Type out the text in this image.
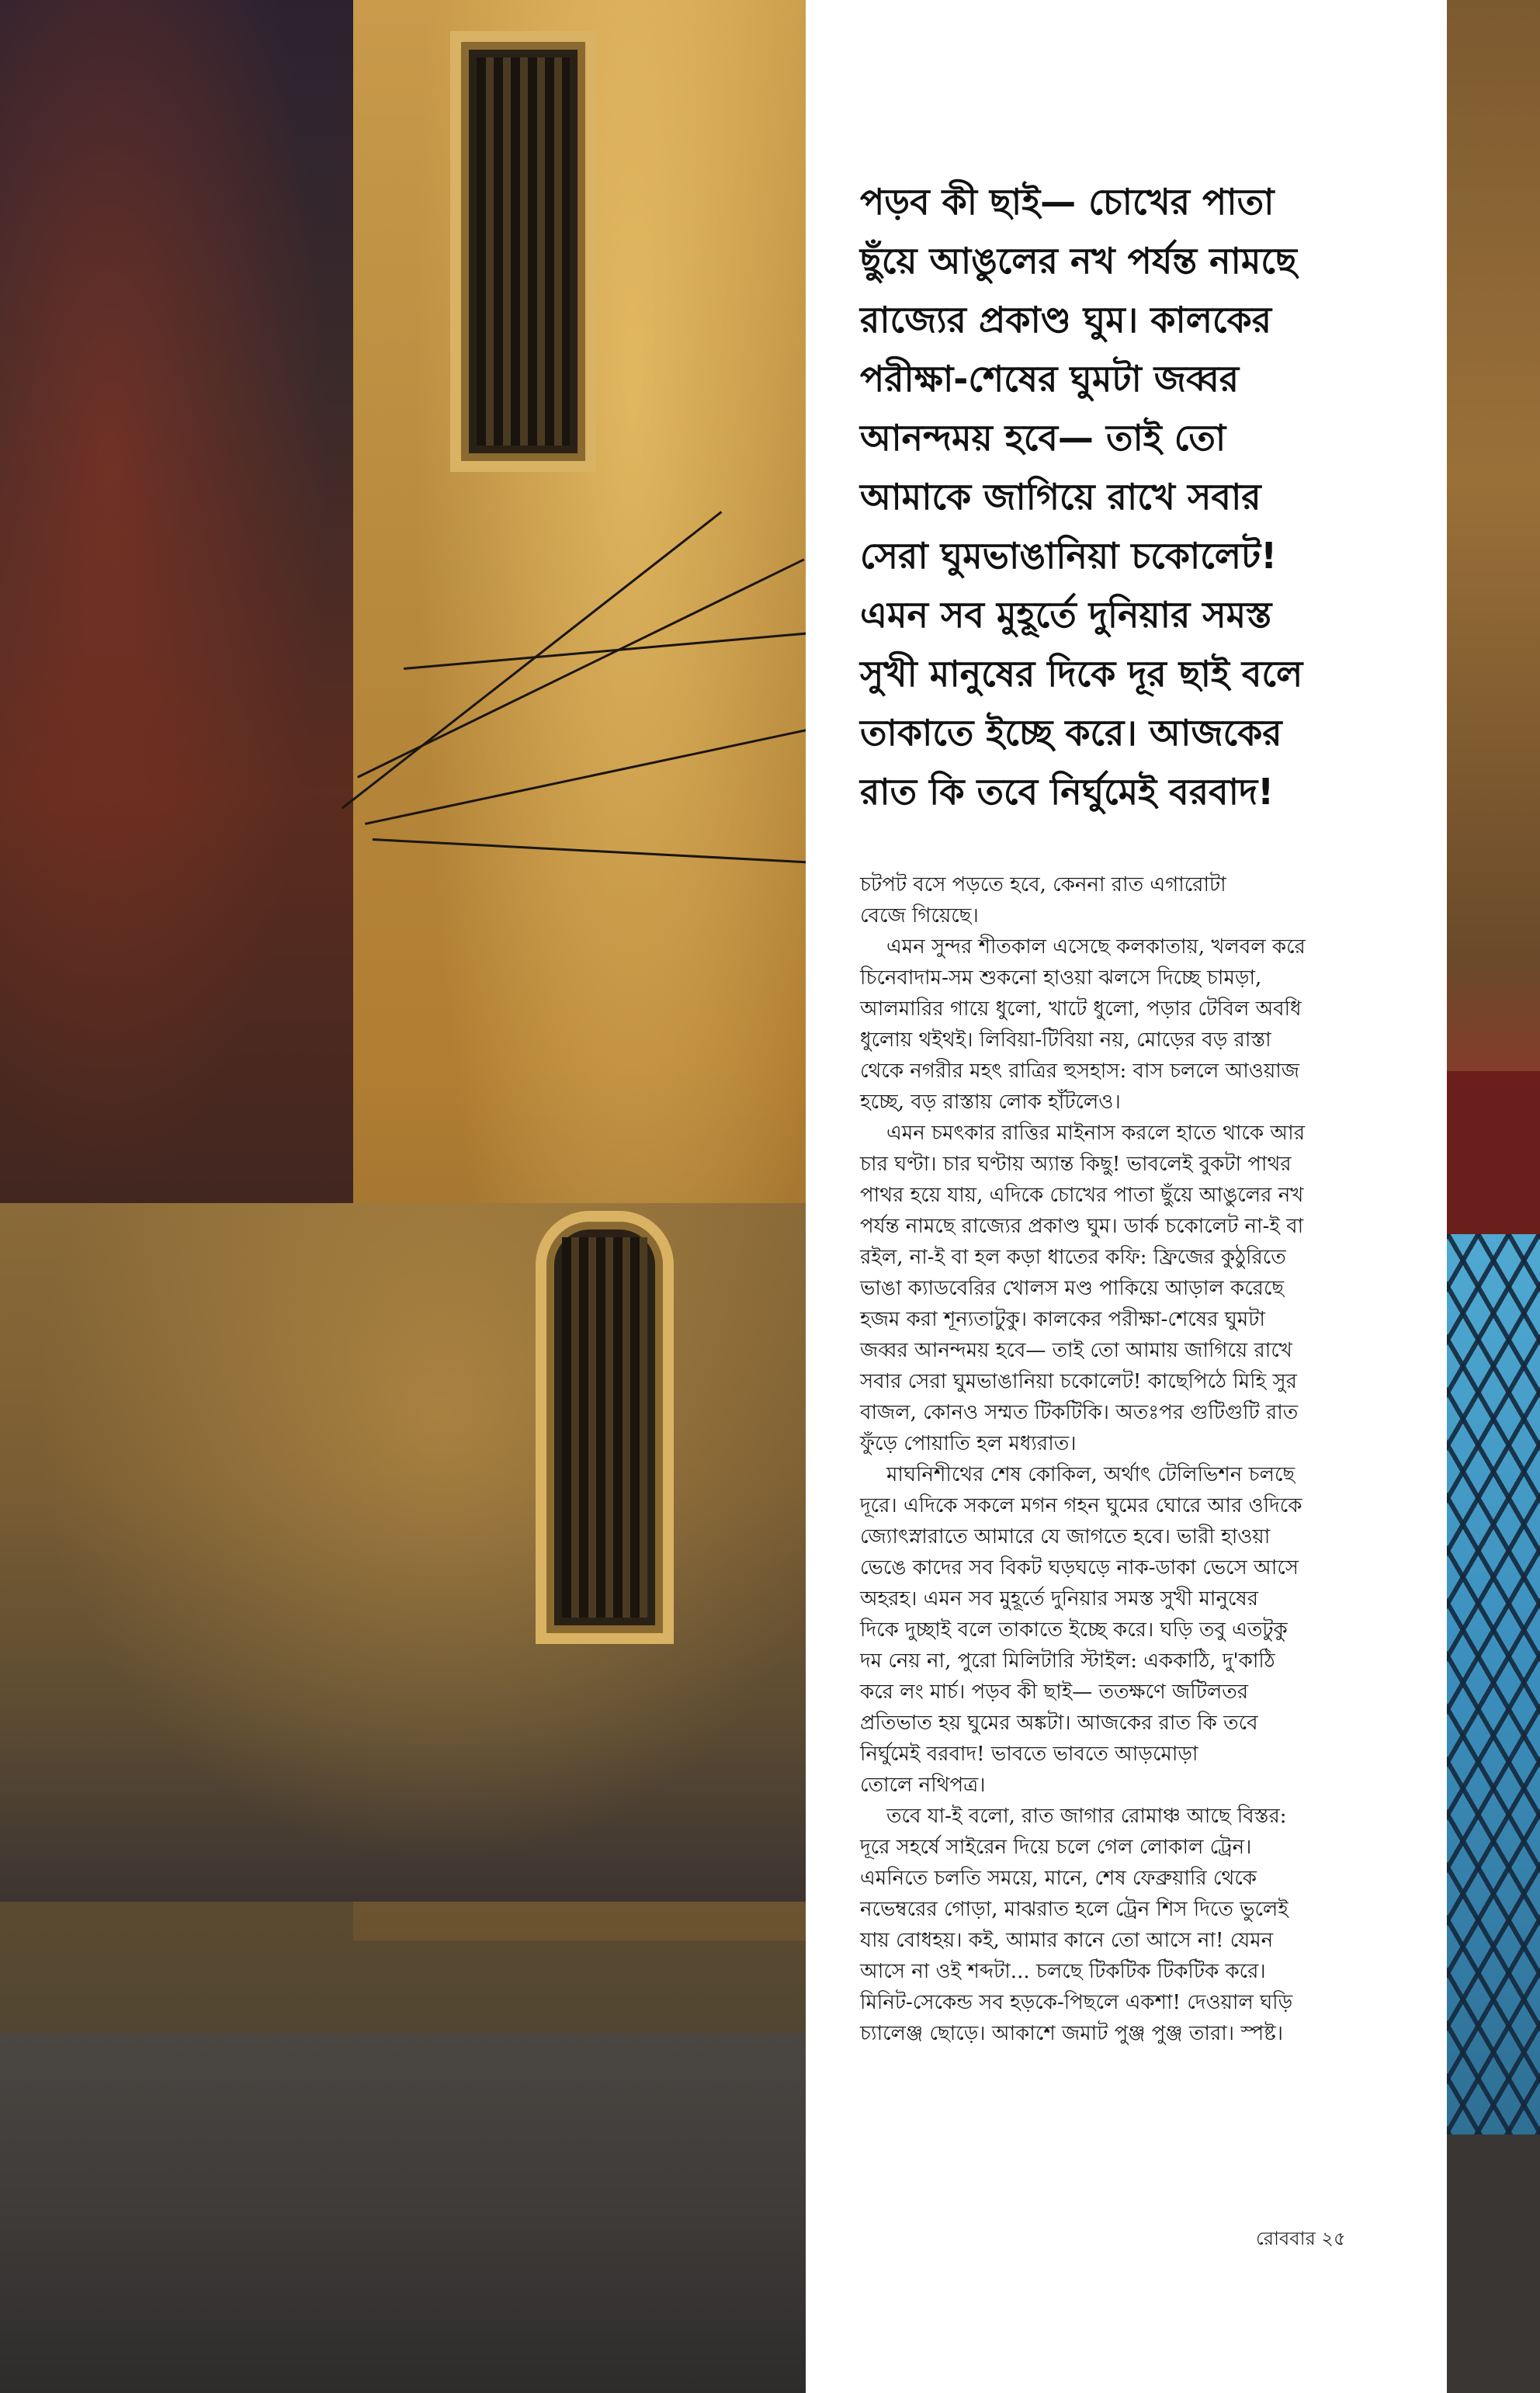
পড়ব কী ছাই— চোখের পাতা
ছুঁয়ে আঙুলের নখ পর্যন্ত নামছে
রাজ্যের প্রকাণ্ড ঘুম। কালকের
পরীক্ষা-শেষের ঘুমটা জব্বর
আনন্দময় হবে— তাই তো
আমাকে জাগিয়ে রাখে সবার
সেরা ঘুমভাঙানিয়া চকোলেট!
এমন সব মুহূর্তে দুনিয়ার সমস্ত
সুখী মানুষের দিকে দূর ছাই বলে
তাকাতে ইচ্ছে করে। আজকের
রাত কি তবে নির্ঘুমেই বরবাদ!
চটপট বসে পড়তে হবে, কেননা রাত এগারোটা
বেজে গিয়েছে।
এমন সুন্দর শীতকাল এসেছে কলকাতায়, খলবল করে
চিনেবাদাম-সম শুকনো হাওয়া ঝলসে দিচ্ছে চামড়া,
আলমারির গায়ে ধুলো, খাটে ধুলো, পড়ার টেবিল অবধি
ধুলোয় থইথই। লিবিয়া-টিবিয়া নয়, মোড়ের বড় রাস্তা
থেকে নগরীর মহৎ রাত্রির হুসহাস: বাস চললে আওয়াজ
হচ্ছে, বড় রাস্তায় লোক হাঁটলেও।
এমন চমৎকার রাত্তির মাইনাস করলে হাতে থাকে আর
চার ঘণ্টা। চার ঘণ্টায় অ্যান্ত কিছু! ভাবলেই বুকটা পাথর
পাথর হয়ে যায়, এদিকে চোখের পাতা ছুঁয়ে আঙুলের নখ
পর্যন্ত নামছে রাজ্যের প্রকাণ্ড ঘুম। ডার্ক চকোলেট না-ই বা
রইল, না-ই বা হল কড়া ধাতের কফি: ফ্রিজের কুঠুরিতে
ভাঙা ক্যাডবেরির খোলস মণ্ড পাকিয়ে আড়াল করেছে
হজম করা শূন্যতাটুকু। কালকের পরীক্ষা-শেষের ঘুমটা
জব্বর আনন্দময় হবে— তাই তো আমায় জাগিয়ে রাখে
সবার সেরা ঘুমভাঙানিয়া চকোলেট! কাছেপিঠে মিহি সুর
বাজল, কোনও সম্মত টিকটিকি। অতঃপর গুটিগুটি রাত
ফুঁড়ে পোয়াতি হল মধ্যরাত।
মাঘনিশীথের শেষ কোকিল, অর্থাৎ টেলিভিশন চলছে
দূরে। এদিকে সকলে মগন গহন ঘুমের ঘোরে আর ওদিকে
জ্যোৎস্নারাতে আমারে যে জাগতে হবে। ভারী হাওয়া
ভেঙে কাদের সব বিকট ঘড়ঘড়ে নাক-ডাকা ভেসে আসে
অহরহ। এমন সব মুহূর্তে দুনিয়ার সমস্ত সুখী মানুষের
দিকে দুচ্ছাই বলে তাকাতে ইচ্ছে করে। ঘড়ি তবু এতটুকু
দম নেয় না, পুরো মিলিটারি স্টাইল: এককাঠি, দু'কাঠি
করে লং মার্চ। পড়ব কী ছাই— ততক্ষণে জটিলতর
প্রতিভাত হয় ঘুমের অঙ্কটা। আজকের রাত কি তবে
নির্ঘুমেই বরবাদ! ভাবতে ভাবতে আড়মোড়া
তোলে নথিপত্র।
তবে যা-ই বলো, রাত জাগার রোমাঞ্চ আছে বিস্তর:
দূরে সহর্ষে সাইরেন দিয়ে চলে গেল লোকাল ট্রেন।
এমনিতে চলতি সময়ে, মানে, শেষ ফেব্রুয়ারি থেকে
নভেম্বরের গোড়া, মাঝরাত হলে ট্রেন শিস দিতে ভুলেই
যায় বোধহয়। কই, আমার কানে তো আসে না! যেমন
আসে না ওই শব্দটা... চলছে টিকটিক টিকটিক করে।
মিনিট-সেকেন্ড সব হড়কে-পিছলে একশা! দেওয়াল ঘড়ি
চ্যালেঞ্জ ছোড়ে। আকাশে জমাট পুঞ্জ পুঞ্জ তারা। স্পষ্ট।
রোববার ২৫
